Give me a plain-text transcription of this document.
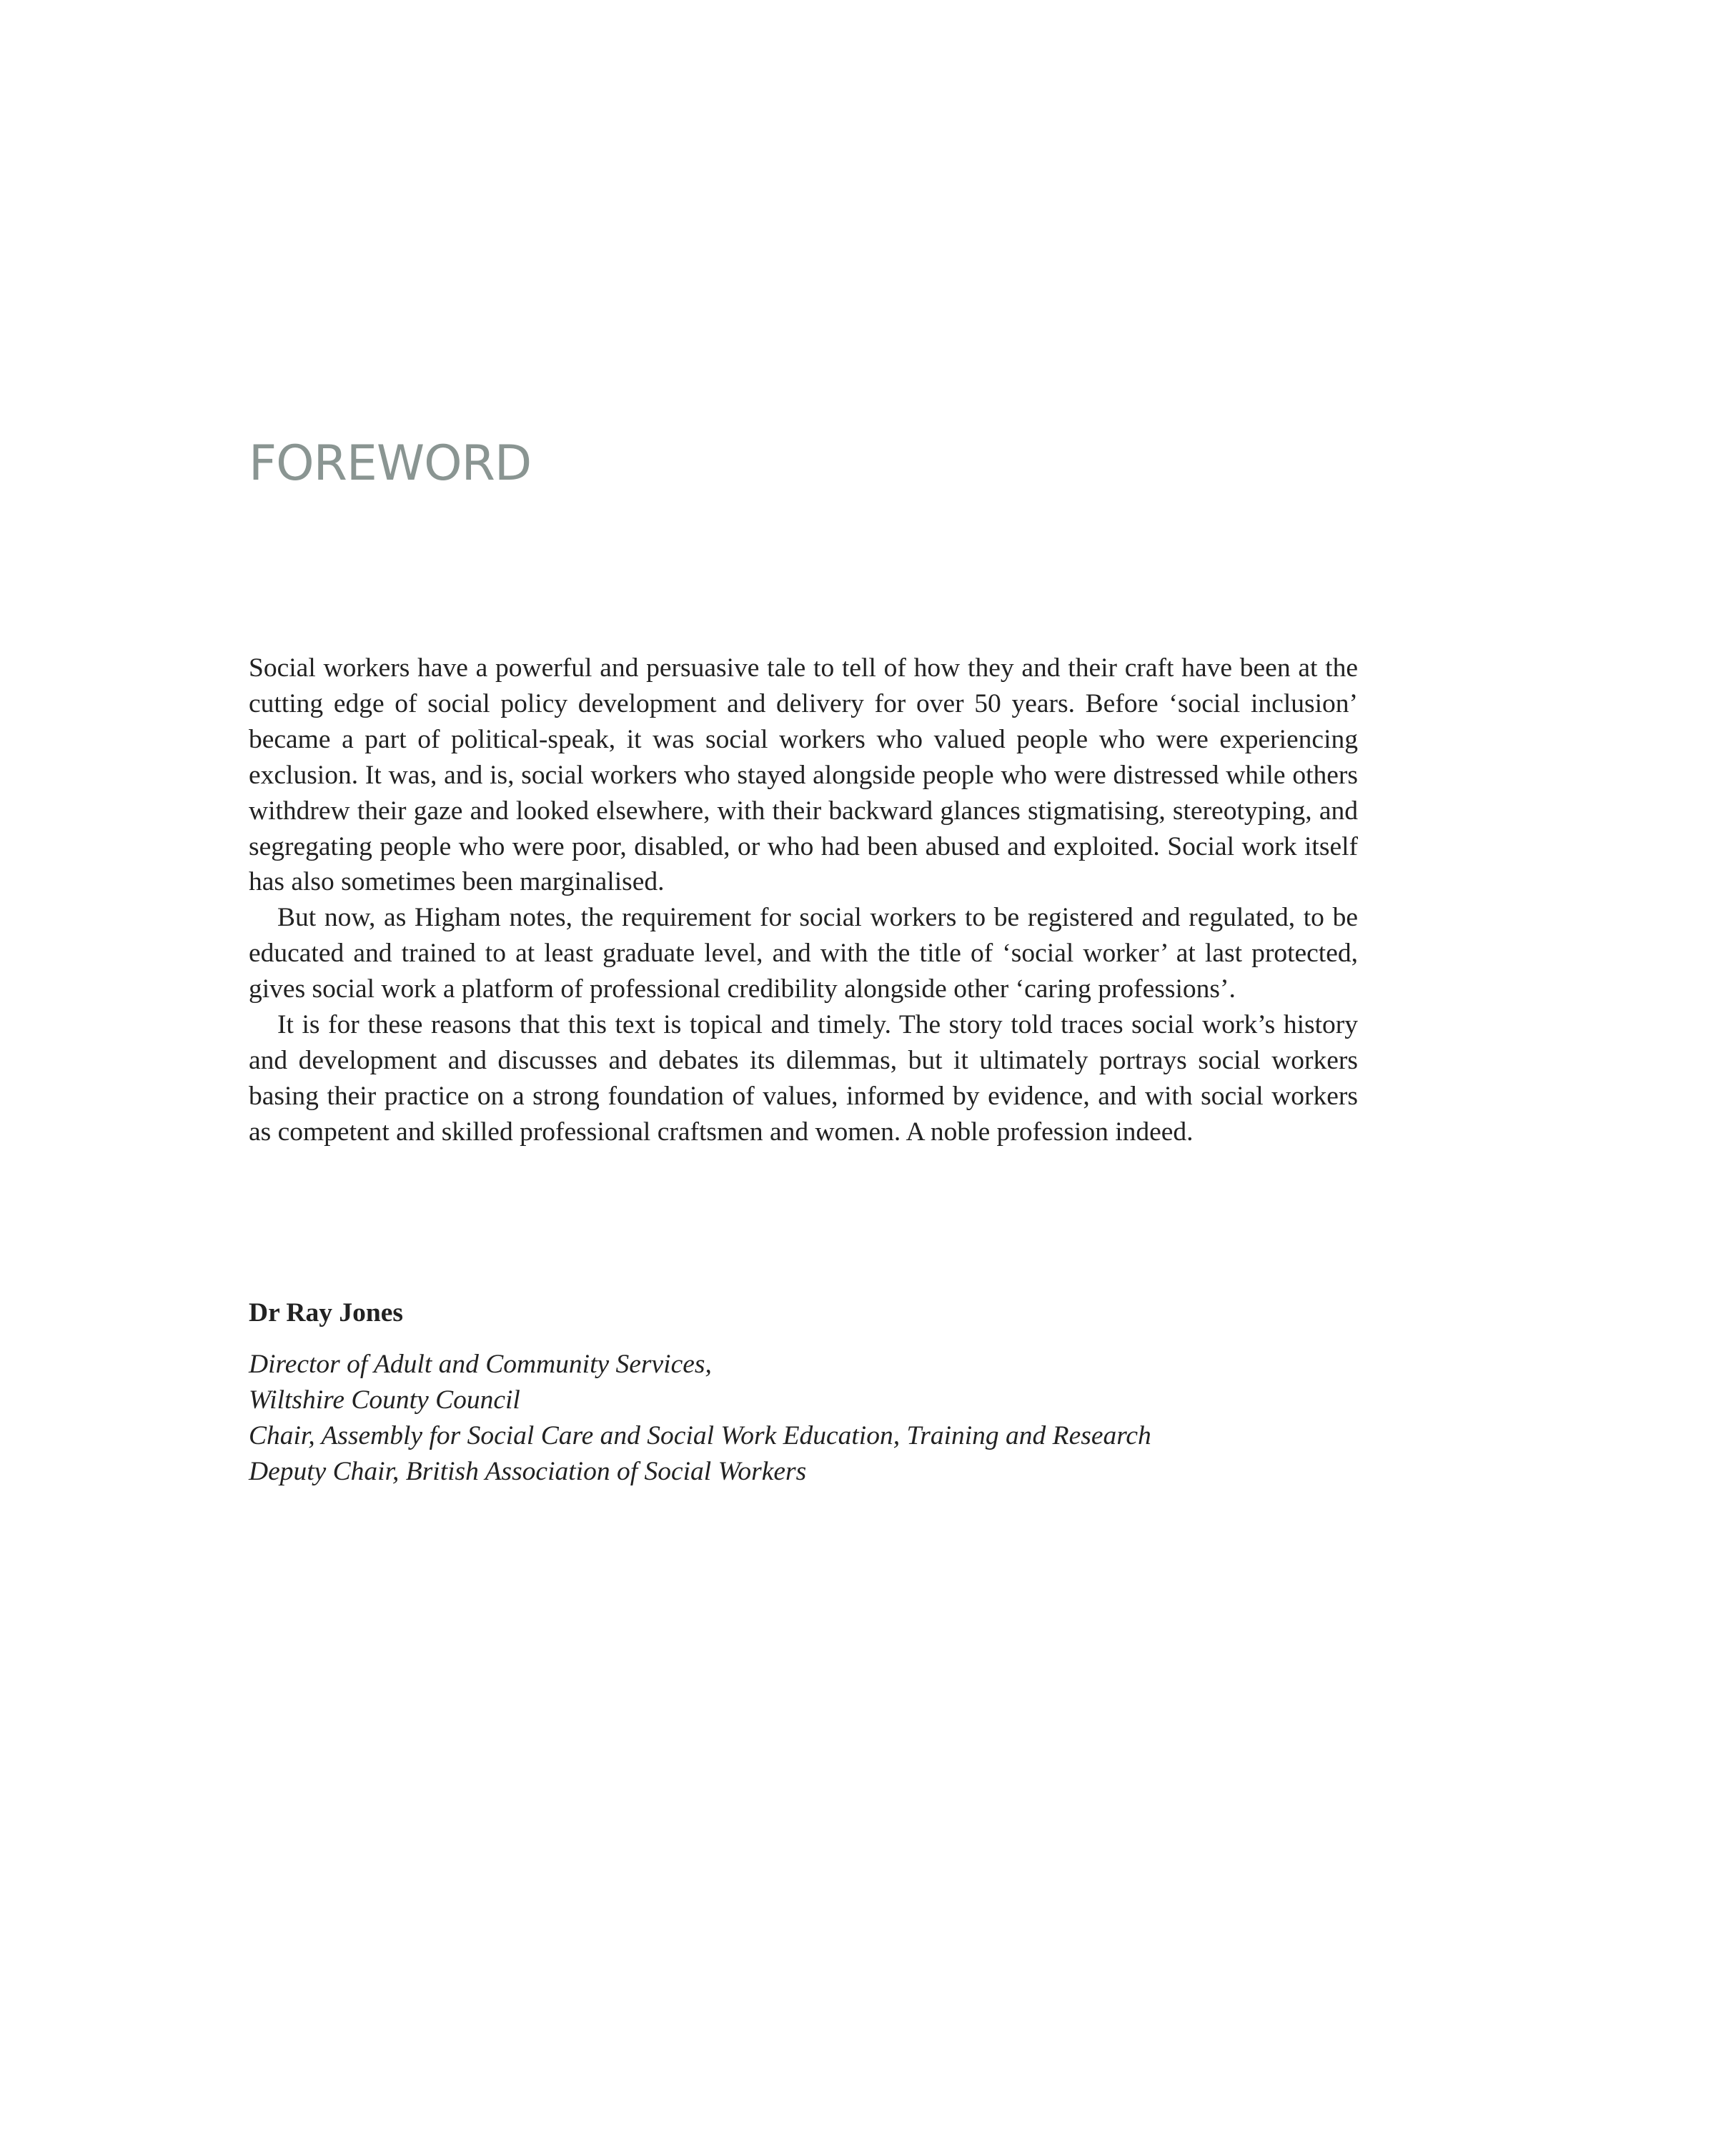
FOREWORD

Social workers have a powerful and persuasive tale to tell of how they and their craft have been at the cutting edge of social policy development and delivery for over 50 years. Before ‘social inclusion’ became a part of political-speak, it was social workers who valued people who were experiencing exclusion. It was, and is, social workers who stayed alongside people who were distressed while others withdrew their gaze and looked elsewhere, with their backward glances stigmatising, stereotyping, and segregating people who were poor, disabled, or who had been abused and exploited. Social work itself has also sometimes been marginalised.

But now, as Higham notes, the requirement for social workers to be registered and regulated, to be educated and trained to at least graduate level, and with the title of ‘social worker’ at last protected, gives social work a platform of professional credibility alongside other ‘caring professions’.

It is for these reasons that this text is topical and timely. The story told traces social work’s history and development and discusses and debates its dilemmas, but it ultimately portrays social workers basing their practice on a strong foundation of values, informed by evidence, and with social workers as competent and skilled professional craftsmen and women. A noble profession indeed.

Dr Ray Jones

Director of Adult and Community Services,
Wiltshire County Council
Chair, Assembly for Social Care and Social Work Education, Training and Research
Deputy Chair, British Association of Social Workers
